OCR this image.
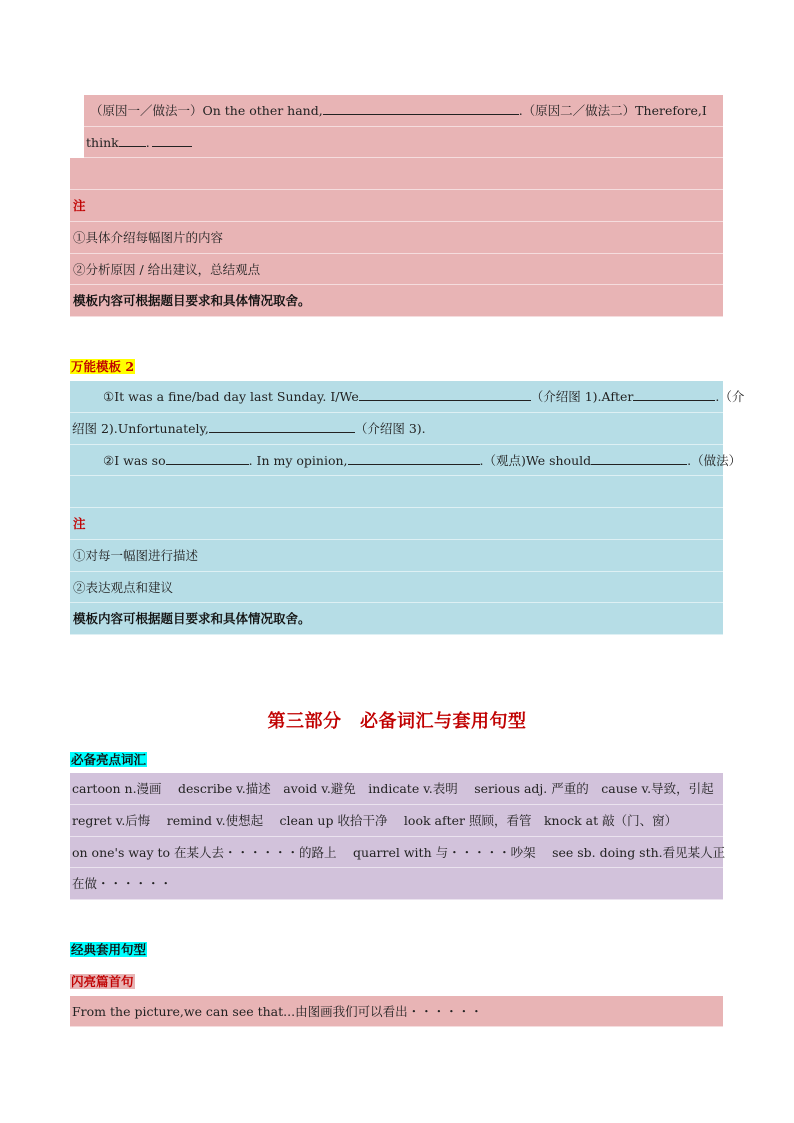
（原因一／做法一）On the other hand,	.（原因二／做法二）Therefore,I
think .
注
①具体介绍每幅图片的内容
②分析原因 / 给出建议，总结观点
模板内容可根据题目要求和具体情况取舍。
万能模板 2
①It was a fine/bad day last Sunday. I/We	（介绍图 1).After	.（介
绍图 2).Unfortunately,	（介绍图 3).
②I was so	. In my opinion,	.（观点)We should	.（做法）
注
①对每一幅图进行描述
②表达观点和建议
模板内容可根据题目要求和具体情况取舍。
第三部分　必备词汇与套用句型
必备亮点词汇
cartoon n.漫画　 describe v.描述　avoid v.避免　indicate v.表明　 serious adj. 严重的　cause v.导致，引起
regret v.后悔　 remind v.使想起　 clean up 收拾干净　 look after 照顾，看管　knock at 敲（门、窗）
on one's way to 在某人去・・・・・・的路上　 quarrel with 与・・・・・吵架　 see sb. doing sth.看见某人正
在做・・・・・・
经典套用句型
闪亮篇首句
From the picture,we can see that...由图画我们可以看出・・・・・・
